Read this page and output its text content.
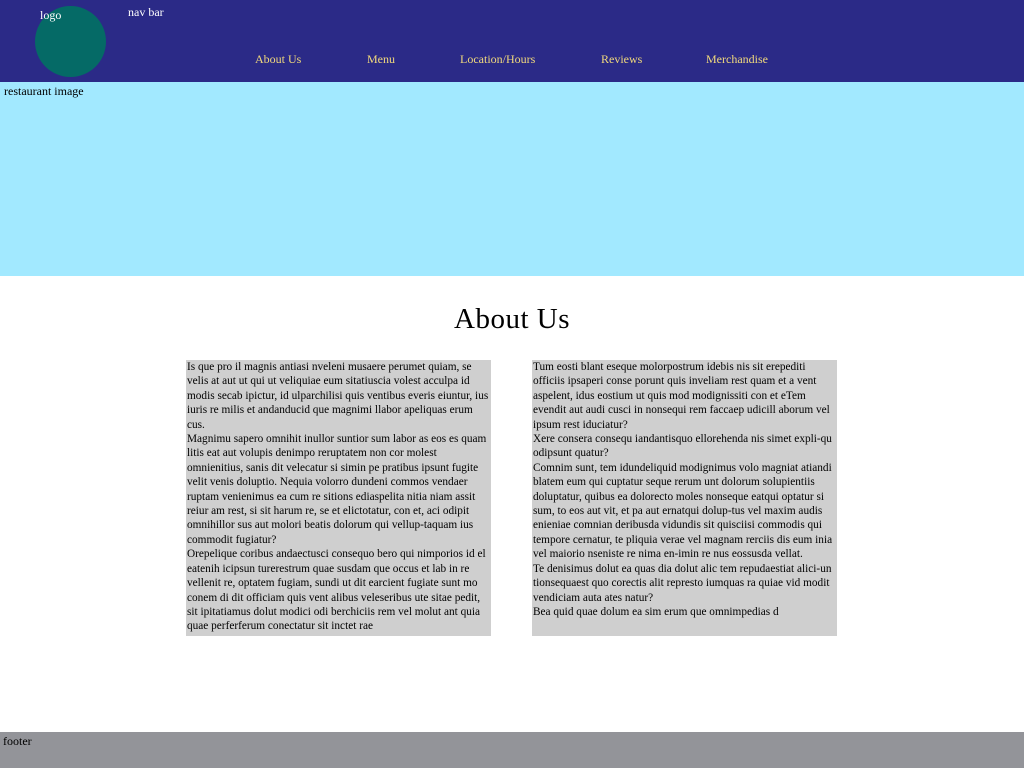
logo	nav bar
About Us	Menu	Location/Hours	Reviews	Merchandise
restaurant image
About Us

Is que pro il magnis antiasi nveleni musaere perumet quiam, se velis at aut ut qui ut veliquiae eum sitatiuscia volest acculpa id modis secab ipictur, id ulparchilisi quis ventibus everis eiuntur, ius iuris re milis et andanducid que magnimi llabor apeliquas erum cus.

Magnimu sapero omnihit inullor suntior sum labor as eos es quam litis eat aut volupis denimpo reruptatem non cor molest omnienitius, sanis dit velecatur si simin pe pratibus ipsunt fugite velit venis doluptio. Nequia volorro dundeni commos vendaer ruptam venienimus ea cum re sitions ediaspelita nitia niam assit reiur am rest, si sit harum re, se et elictotatur, con et, aci odipit omnihillor sus aut molori beatis dolorum qui vellup-taquam ius commodit fugiatur?

Orepelique coribus andaectusci consequo bero qui nimporios id el eatenih icipsun turerestrum quae susdam que occus et lab in re vellenit re, optatem fugiam, sundi ut dit earcient fugiate sunt mo conem di dit officiam quis vent alibus veleseribus ute sitae pedit, sit ipitatiamus dolut modici odi berchiciis rem vel molut ant quia quae perferferum conectatur sit inctet rae

Tum eosti blant eseque molorpostrum idebis nis sit erepediti officiis ipsaperi conse porunt quis inveliam rest quam et a vent aspelent, idus eostium ut quis mod modignissiti con et eTem evendit aut audi cusci in nonsequi rem faccaep udicill aborum vel ipsum rest iduciatur?

Xere consera consequ iandantisquo ellorehenda nis simet expli-qu odipsunt quatur?

Comnim sunt, tem idundeliquid modignimus volo magniat atiandi blatem eum qui cuptatur seque rerum unt dolorum solupientiis doluptatur, quibus ea dolorecto moles nonseque eatqui optatur si sum, to eos aut vit, et pa aut ernatqui dolup-tus vel maxim audis enieniae comnian deribusda vidundis sit quisciisi commodis qui tempore cernatur, te pliquia verae vel magnam rerciis dis eum inia vel maiorio nseniste re nima en-imin re nus eossusda vellat.

Te denisimus dolut ea quas dia dolut alic tem repudaestiat alici-un tionsequaest quo corectis alit represto iumquas ra quiae vid modit vendiciam auta ates natur?

Bea quid quae dolum ea sim erum que omnimpedias d

footer
